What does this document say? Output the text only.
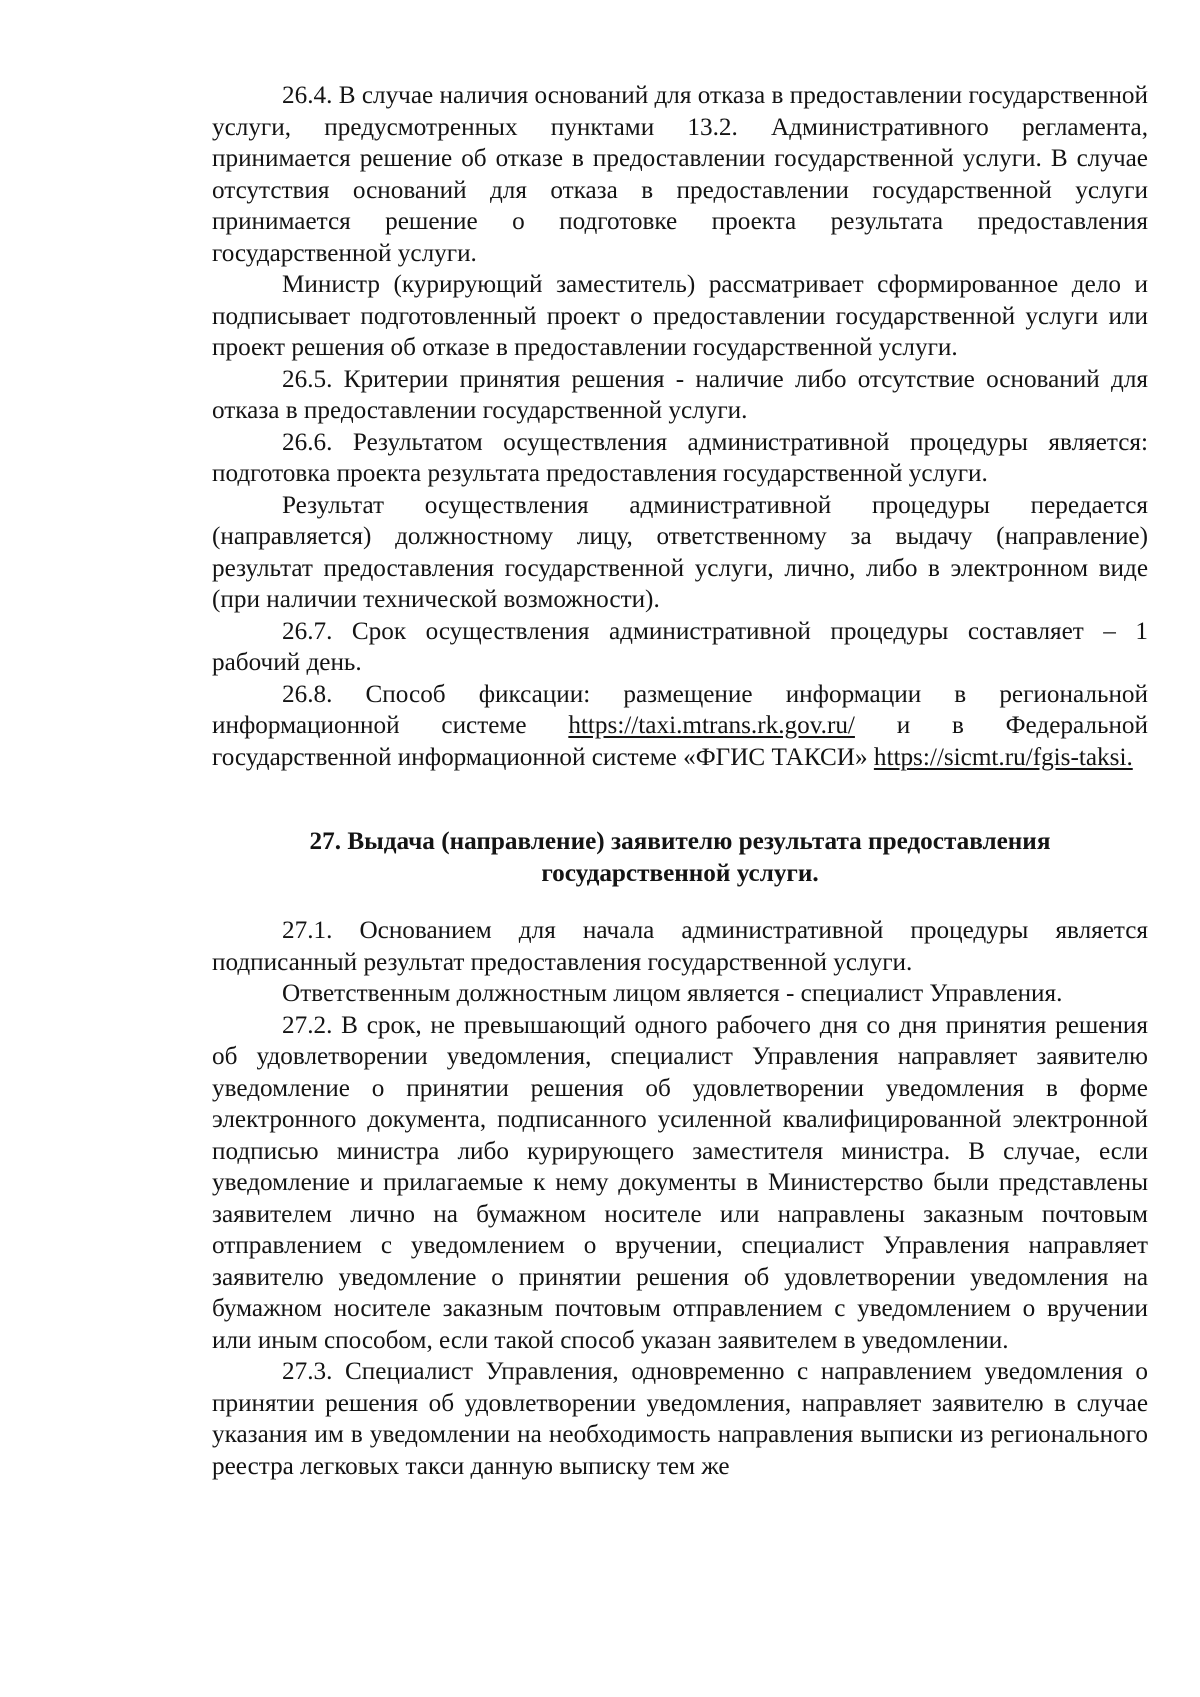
26.4. В случае наличия оснований для отказа в предоставлении государственной услуги, предусмотренных пунктами 13.2. Административного регламента, принимается решение об отказе в предоставлении государственной услуги. В случае отсутствия оснований для отказа в предоставлении государственной услуги принимается решение о подготовке проекта результата предоставления государственной услуги.

Министр (курирующий заместитель) рассматривает сформированное дело и подписывает подготовленный проект о предоставлении государственной услуги или проект решения об отказе в предоставлении государственной услуги.

26.5. Критерии принятия решения - наличие либо отсутствие оснований для отказа в предоставлении государственной услуги.

26.6. Результатом осуществления административной процедуры является: подготовка проекта результата предоставления государственной услуги.

Результат осуществления административной процедуры передается (направляется) должностному лицу, ответственному за выдачу (направление) результат предоставления государственной услуги, лично, либо в электронном виде (при наличии технической возможности).

26.7. Срок осуществления административной процедуры составляет – 1 рабочий день.

26.8. Способ фиксации: размещение информации в региональной информационной системе https://taxi.mtrans.rk.gov.ru/ и в Федеральной государственной информационной системе «ФГИС ТАКСИ» https://sicmt.ru/fgis-taksi.

27. Выдача (направление) заявителю результата предоставления
государственной услуги.

27.1. Основанием для начала административной процедуры является подписанный результат предоставления государственной услуги.

Ответственным должностным лицом является - специалист Управления.

27.2. В срок, не превышающий одного рабочего дня со дня принятия решения об удовлетворении уведомления, специалист Управления направляет заявителю уведомление о принятии решения об удовлетворении уведомления в форме электронного документа, подписанного усиленной квалифицированной электронной подписью министра либо курирующего заместителя министра. В случае, если уведомление и прилагаемые к нему документы в Министерство были представлены заявителем лично на бумажном носителе или направлены заказным почтовым отправлением с уведомлением о вручении, специалист Управления направляет заявителю уведомление о принятии решения об удовлетворении уведомления на бумажном носителе заказным почтовым отправлением с уведомлением о вручении или иным способом, если такой способ указан заявителем в уведомлении.

27.3. Специалист Управления, одновременно с направлением уведомления о принятии решения об удовлетворении уведомления, направляет заявителю в случае указания им в уведомлении на необходимость направления выписки из регионального реестра легковых такси данную выписку тем же
